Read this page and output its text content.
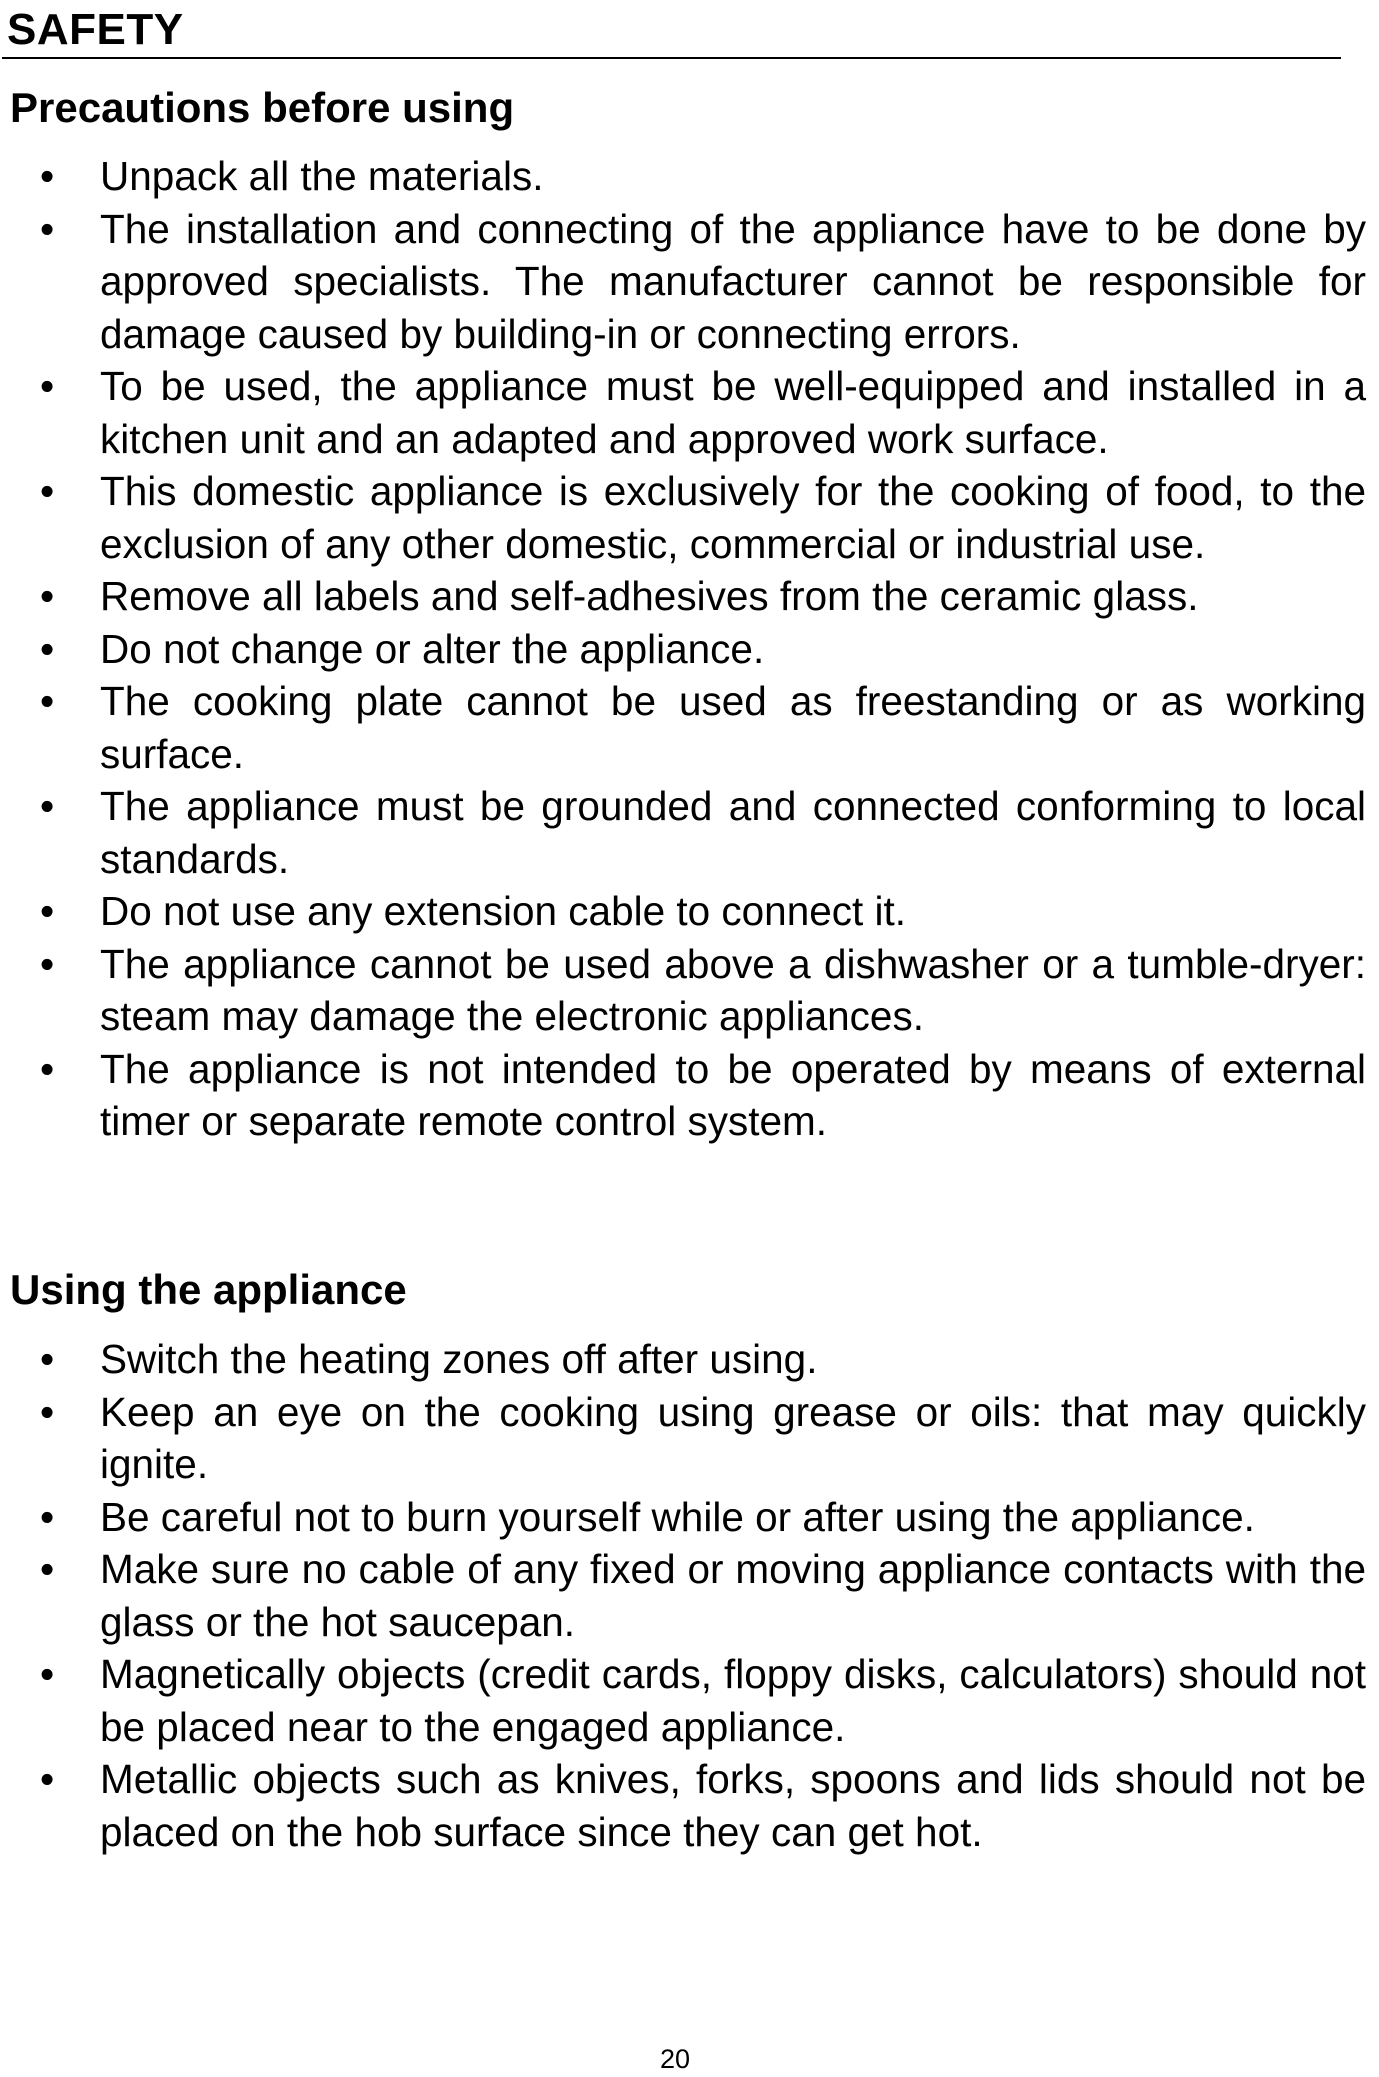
SAFETY
Precautions before using
• Unpack all the materials.
• The installation and connecting of the appliance have to be done by approved specialists. The manufacturer cannot be responsible for damage caused by building-in or connecting errors.
• To be used, the appliance must be well-equipped and installed in a kitchen unit and an adapted and approved work surface.
• This domestic appliance is exclusively for the cooking of food, to the exclusion of any other domestic, commercial or industrial use.
• Remove all labels and self-adhesives from the ceramic glass.
• Do not change or alter the appliance.
• The cooking plate cannot be used as freestanding or as working surface.
• The appliance must be grounded and connected conforming to local standards.
• Do not use any extension cable to connect it.
• The appliance cannot be used above a dishwasher or a tumble-dryer: steam may damage the electronic appliances.
• The appliance is not intended to be operated by means of external timer or separate remote control system.
Using the appliance
• Switch the heating zones off after using.
• Keep an eye on the cooking using grease or oils: that may quickly ignite.
• Be careful not to burn yourself while or after using the appliance.
• Make sure no cable of any fixed or moving appliance contacts with the glass or the hot saucepan.
• Magnetically objects (credit cards, floppy disks, calculators) should not be placed near to the engaged appliance.
• Metallic objects such as knives, forks, spoons and lids should not be placed on the hob surface since they can get hot.
20
